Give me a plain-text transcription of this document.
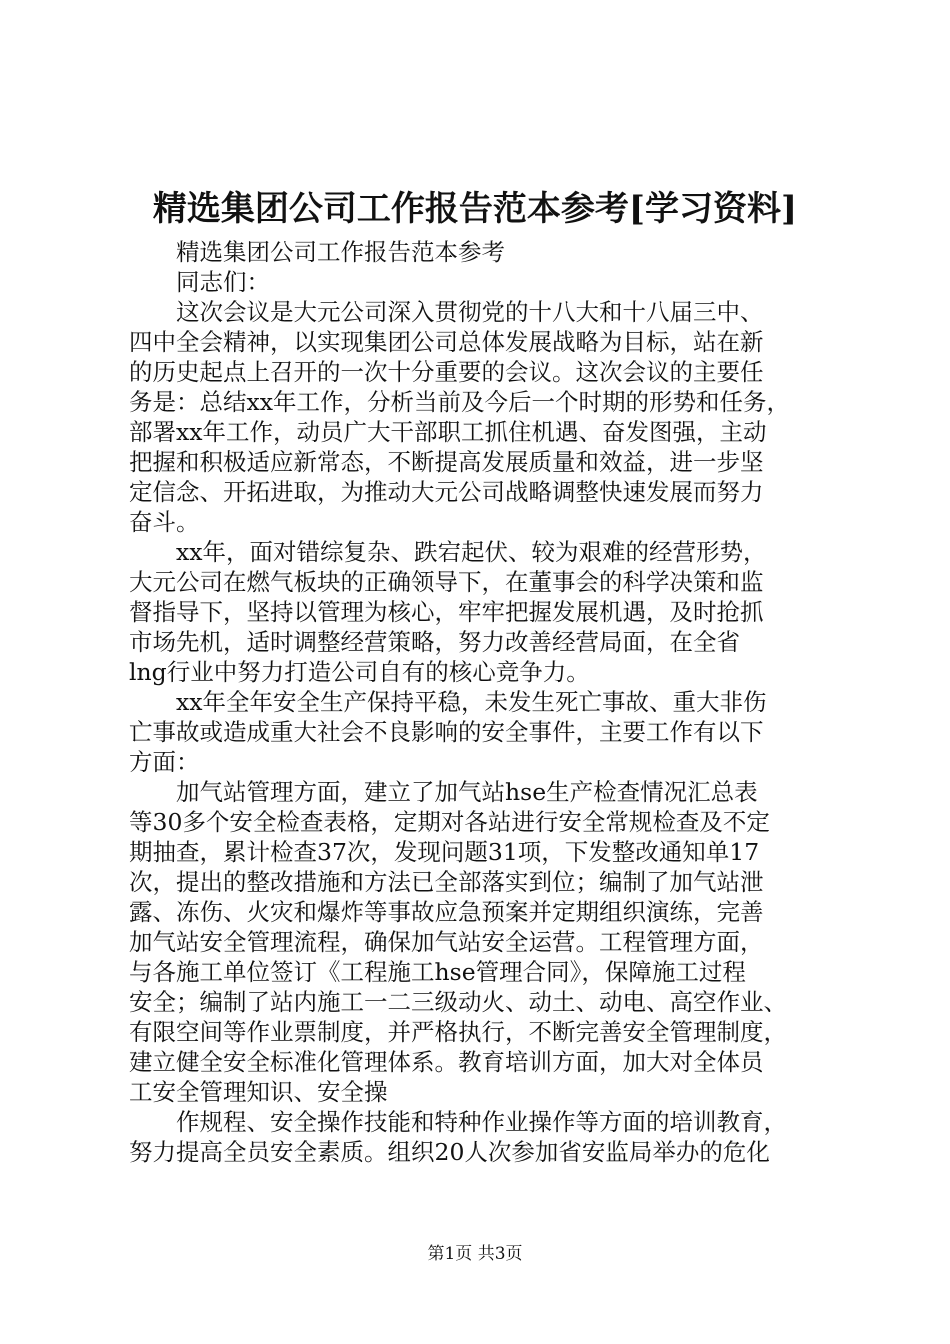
精选集团公司工作报告范本参考[学习资料]

　　精选集团公司工作报告范本参考

　　同志们：

　　这次会议是大元公司深入贯彻党的十八大和十八届三中、

四中全会精神，以实现集团公司总体发展战略为目标，站在新

的历史起点上召开的一次十分重要的会议。这次会议的主要任

务是：总结xx年工作，分析当前及今后一个时期的形势和任务，

部署xx年工作，动员广大干部职工抓住机遇、奋发图强，主动

把握和积极适应新常态，不断提高发展质量和效益，进一步坚

定信念、开拓进取，为推动大元公司战略调整快速发展而努力

奋斗。

　　xx年，面对错综复杂、跌宕起伏、较为艰难的经营形势，

大元公司在燃气板块的正确领导下，在董事会的科学决策和监

督指导下，坚持以管理为核心，牢牢把握发展机遇，及时抢抓

市场先机，适时调整经营策略，努力改善经营局面，在全省

lng行业中努力打造公司自有的核心竞争力。

　　xx年全年安全生产保持平稳，未发生死亡事故、重大非伤

亡事故或造成重大社会不良影响的安全事件，主要工作有以下

方面：

　　加气站管理方面，建立了加气站hse生产检查情况汇总表

等30多个安全检查表格，定期对各站进行安全常规检查及不定

期抽查，累计检查37次，发现问题31项，下发整改通知单17

次，提出的整改措施和方法已全部落实到位；编制了加气站泄

露、冻伤、火灾和爆炸等事故应急预案并定期组织演练，完善

加气站安全管理流程，确保加气站安全运营。工程管理方面，

与各施工单位签订《工程施工hse管理合同》，保障施工过程

安全；编制了站内施工一二三级动火、动土、动电、高空作业、

有限空间等作业票制度，并严格执行，不断完善安全管理制度，

建立健全安全标准化管理体系。教育培训方面，加大对全体员

工安全管理知识、安全操

　　作规程、安全操作技能和特种作业操作等方面的培训教育，

努力提高全员安全素质。组织20人次参加省安监局举办的危化

第1页 共3页
